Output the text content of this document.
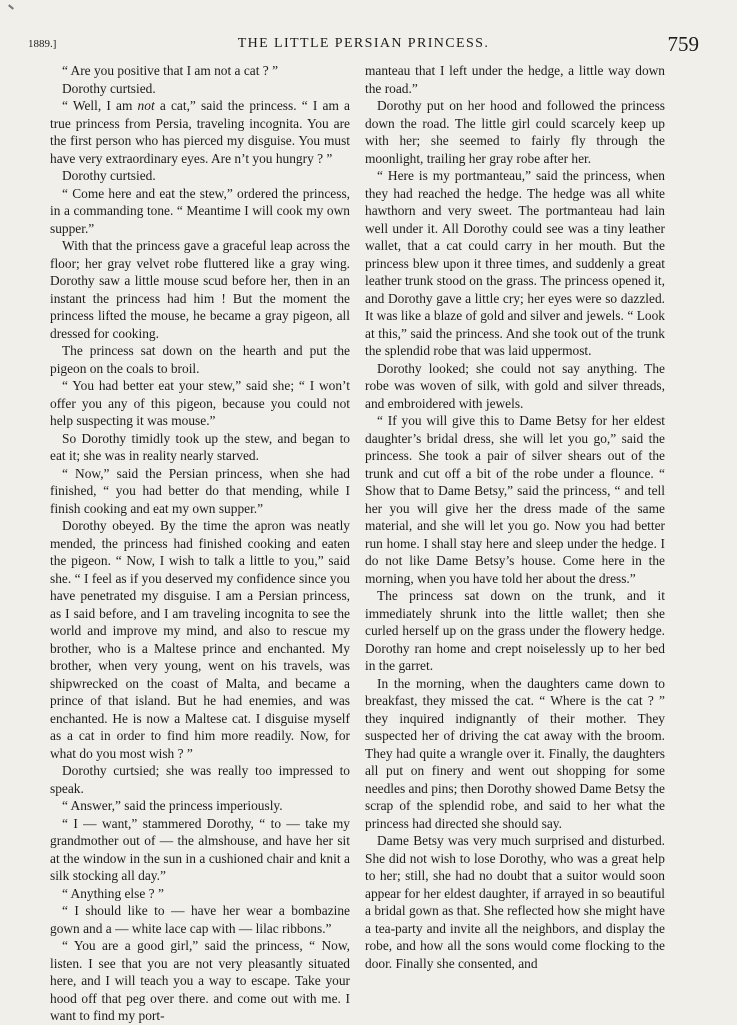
1889.]	THE LITTLE PERSIAN PRINCESS.	759

“ Are you positive that I am not a cat ? ”

Dorothy curtsied.

“ Well, I am not a cat,” said the princess. “ I am a true princess from Persia, traveling incognita. You are the first person who has pierced my disguise. You must have very extraordinary eyes. Are n’t you hungry ? ”

Dorothy curtsied.

“ Come here and eat the stew,” ordered the princess, in a commanding tone. “ Meantime I will cook my own supper.”

With that the princess gave a graceful leap across the floor; her gray velvet robe fluttered like a gray wing. Dorothy saw a little mouse scud before her, then in an instant the princess had him ! But the moment the princess lifted the mouse, he became a gray pigeon, all dressed for cooking.

The princess sat down on the hearth and put the pigeon on the coals to broil.

“ You had better eat your stew,” said she; “ I won’t offer you any of this pigeon, because you could not help suspecting it was mouse.”

So Dorothy timidly took up the stew, and began to eat it; she was in reality nearly starved.

“ Now,” said the Persian princess, when she had finished, “ you had better do that mending, while I finish cooking and eat my own supper.”

Dorothy obeyed. By the time the apron was neatly mended, the princess had finished cooking and eaten the pigeon. “ Now, I wish to talk a little to you,” said she. “ I feel as if you deserved my confidence since you have penetrated my disguise. I am a Persian princess, as I said before, and I am traveling incognita to see the world and improve my mind, and also to rescue my brother, who is a Maltese prince and enchanted. My brother, when very young, went on his travels, was shipwrecked on the coast of Malta, and became a prince of that island. But he had enemies, and was enchanted. He is now a Maltese cat. I disguise myself as a cat in order to find him more readily. Now, for what do you most wish ? ”

Dorothy curtsied; she was really too impressed to speak.

“ Answer,” said the princess imperiously.

“ I — want,” stammered Dorothy, “ to — take my grandmother out of — the almshouse, and have her sit at the window in the sun in a cushioned chair and knit a silk stocking all day.”

“ Anything else ? ”

“ I should like to — have her wear a bombazine gown and a — white lace cap with — lilac ribbons.”

“ You are a good girl,” said the princess, “ Now, listen. I see that you are not very pleasantly situated here, and I will teach you a way to escape. Take your hood off that peg over there. and come out with me. I want to find my port-

manteau that I left under the hedge, a little way down the road.”

Dorothy put on her hood and followed the princess down the road. The little girl could scarcely keep up with her; she seemed to fairly fly through the moonlight, trailing her gray robe after her.

“ Here is my portmanteau,” said the princess, when they had reached the hedge. The hedge was all white hawthorn and very sweet. The portmanteau had lain well under it. All Dorothy could see was a tiny leather wallet, that a cat could carry in her mouth. But the princess blew upon it three times, and suddenly a great leather trunk stood on the grass. The princess opened it, and Dorothy gave a little cry; her eyes were so dazzled. It was like a blaze of gold and silver and jewels. “ Look at this,” said the princess. And she took out of the trunk the splendid robe that was laid uppermost.

Dorothy looked; she could not say anything. The robe was woven of silk, with gold and silver threads, and embroidered with jewels.

“ If you will give this to Dame Betsy for her eldest daughter’s bridal dress, she will let you go,” said the princess. She took a pair of silver shears out of the trunk and cut off a bit of the robe under a flounce. “ Show that to Dame Betsy,” said the princess, “ and tell her you will give her the dress made of the same material, and she will let you go. Now you had better run home. I shall stay here and sleep under the hedge. I do not like Dame Betsy’s house. Come here in the morning, when you have told her about the dress.”

The princess sat down on the trunk, and it immediately shrunk into the little wallet; then she curled herself up on the grass under the flowery hedge. Dorothy ran home and crept noiselessly up to her bed in the garret.

In the morning, when the daughters came down to breakfast, they missed the cat. “ Where is the cat ? ” they inquired indignantly of their mother. They suspected her of driving the cat away with the broom. They had quite a wrangle over it. Finally, the daughters all put on finery and went out shopping for some needles and pins; then Dorothy showed Dame Betsy the scrap of the splendid robe, and said to her what the princess had directed she should say.

Dame Betsy was very much surprised and disturbed. She did not wish to lose Dorothy, who was a great help to her; still, she had no doubt that a suitor would soon appear for her eldest daughter, if arrayed in so beautiful a bridal gown as that. She reflected how she might have a tea-party and invite all the neighbors, and display the robe, and how all the sons would come flocking to the door. Finally she consented, and
